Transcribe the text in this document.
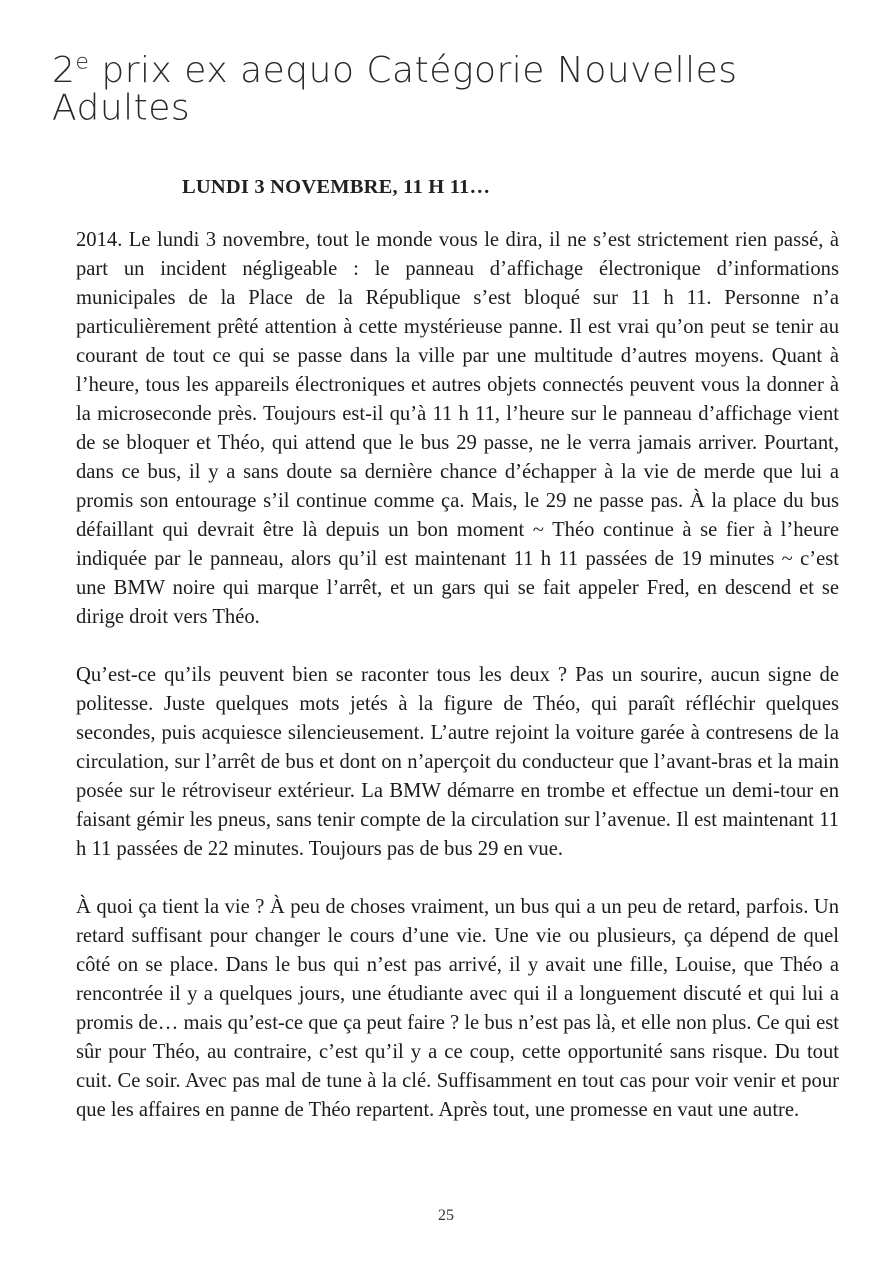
2e prix ex aequo Catégorie Nouvelles Adultes
LUNDI 3 NOVEMBRE, 11 H 11…

2014. Le lundi 3 novembre, tout le monde vous le dira, il ne s’est strictement rien passé, à part un incident négligeable : le panneau d’affichage électronique d’informations municipales de la Place de la République s’est bloqué sur 11 h 11. Personne n’a particulièrement prêté attention à cette mystérieuse panne. Il est vrai qu’on peut se tenir au courant de tout ce qui se passe dans la ville par une multitude d’autres moyens. Quant à l’heure, tous les appareils électroniques et autres objets connectés peuvent vous la donner à la microseconde près. Toujours est-il qu’à 11 h 11, l’heure sur le panneau d’affichage vient de se bloquer et Théo, qui attend que le bus 29 passe, ne le verra jamais arriver. Pourtant, dans ce bus, il y a sans doute sa dernière chance d’échapper à la vie de merde que lui a promis son entourage s’il continue comme ça. Mais, le 29 ne passe pas. À la place du bus défaillant qui devrait être là depuis un bon moment ~ Théo continue à se fier à l’heure indiquée par le panneau, alors qu’il est maintenant 11 h 11 passées de 19 minutes ~ c’est une BMW noire qui marque l’arrêt, et un gars qui se fait appeler Fred, en descend et se dirige droit vers Théo.

Qu’est-ce qu’ils peuvent bien se raconter tous les deux ? Pas un sourire, aucun signe de politesse. Juste quelques mots jetés à la figure de Théo, qui paraît réfléchir quelques secondes, puis acquiesce silencieusement. L’autre rejoint la voiture garée à contresens de la circulation, sur l’arrêt de bus et dont on n’aperçoit du conducteur que l’avant-bras et la main posée sur le rétroviseur extérieur. La BMW démarre en trombe et effectue un demi-tour en faisant gémir les pneus, sans tenir compte de la circulation sur l’avenue. Il est maintenant 11 h 11 passées de 22 minutes. Toujours pas de bus 29 en vue.

À quoi ça tient la vie ? À peu de choses vraiment, un bus qui a un peu de retard, parfois. Un retard suffisant pour changer le cours d’une vie. Une vie ou plusieurs, ça dépend de quel côté on se place. Dans le bus qui n’est pas arrivé, il y avait une fille, Louise, que Théo a rencontrée il y a quelques jours, une étudiante avec qui il a longuement discuté et qui lui a promis de… mais qu’est-ce que ça peut faire ? le bus n’est pas là, et elle non plus. Ce qui est sûr pour Théo, au contraire, c’est qu’il y a ce coup, cette opportunité sans risque. Du tout cuit. Ce soir. Avec pas mal de tune à la clé. Suffisamment en tout cas pour voir venir et pour que les affaires en panne de Théo repartent. Après tout, une promesse en vaut une autre.

25
